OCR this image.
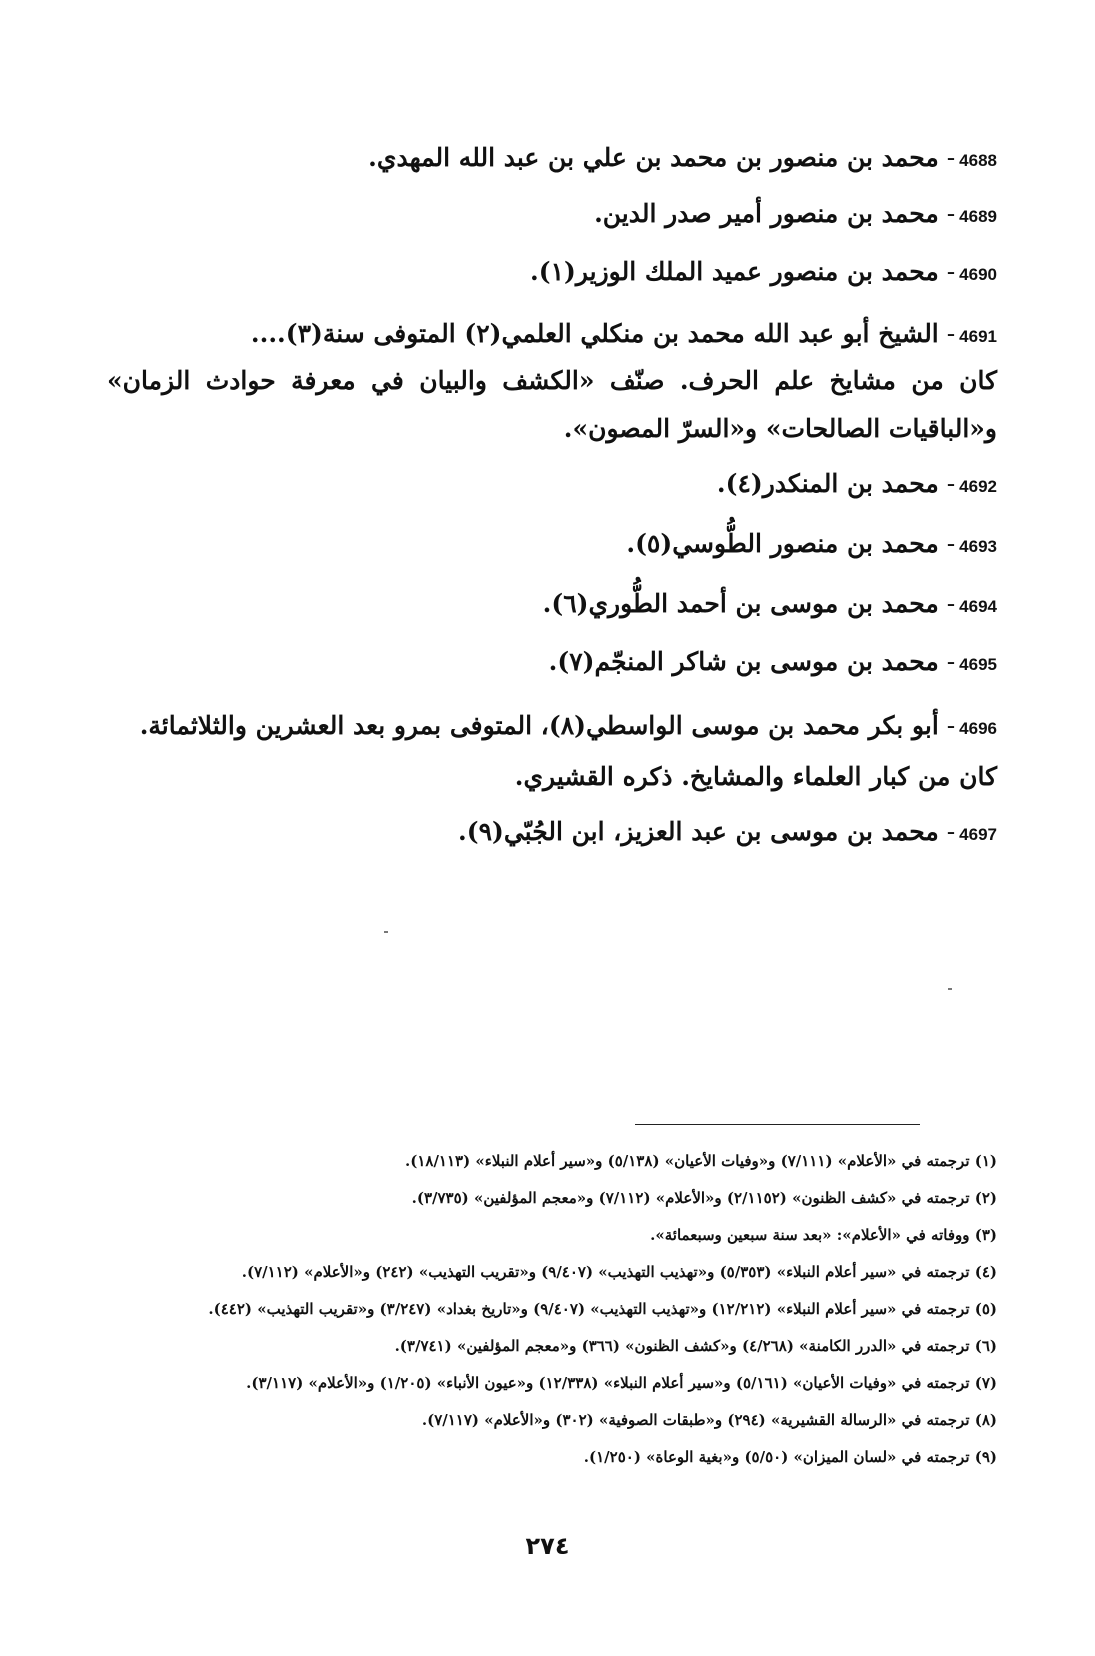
4688- محمد بن منصور بن محمد بن علي بن عبد الله المهدي.
4689- محمد بن منصور أمير صدر الدين.
4690- محمد بن منصور عميد الملك الوزير(١).
4691- الشيخ أبو عبد الله محمد بن منكلي العلمي(٢) المتوفى سنة(٣)....
كان من مشايخ علم الحرف. صنّف «الكشف والبيان في معرفة حوادث الزمان» و«الباقيات الصالحات» و«السرّ المصون».
4692- محمد بن المنكدر(٤).
4693- محمد بن منصور الطُّوسي(٥).
4694- محمد بن موسى بن أحمد الطُّوري(٦).
4695- محمد بن موسى بن شاكر المنجّم(٧).
4696- أبو بكر محمد بن موسى الواسطي(٨)، المتوفى بمرو بعد العشرين والثلاثمائة. كان من كبار العلماء والمشايخ. ذكره القشيري.
4697- محمد بن موسى بن عبد العزيز، ابن الجُبّي(٩).
(١) ترجمته في «الأعلام» (٧/١١١) و«وفيات الأعيان» (٥/١٣٨) و«سير أعلام النبلاء» (١٨/١١٣).
(٢) ترجمته في «كشف الظنون» (٢/١١٥٢) و«الأعلام» (٧/١١٢) و«معجم المؤلفين» (٣/٧٣٥).
(٣) ووفاته في «الأعلام»: «بعد سنة سبعين وسبعمائة».
(٤) ترجمته في «سير أعلام النبلاء» (٥/٣٥٣) و«تهذيب التهذيب» (٩/٤٠٧) و«تقريب التهذيب» (٢٤٢) و«الأعلام» (٧/١١٢).
(٥) ترجمته في «سير أعلام النبلاء» (١٢/٢١٢) و«تهذيب التهذيب» (٩/٤٠٧) و«تاريخ بغداد» (٣/٢٤٧) و«تقريب التهذيب» (٤٤٢).
(٦) ترجمته في «الدرر الكامنة» (٤/٢٦٨) و«كشف الظنون» (٣٦٦) و«معجم المؤلفين» (٣/٧٤١).
(٧) ترجمته في «وفيات الأعيان» (٥/١٦١) و«سير أعلام النبلاء» (١٢/٣٣٨) و«عيون الأنباء» (١/٢٠٥) و«الأعلام» (٣/١١٧).
(٨) ترجمته في «الرسالة القشيرية» (٢٩٤) و«طبقات الصوفية» (٣٠٢) و«الأعلام» (٧/١١٧).
(٩) ترجمته في «لسان الميزان» (٥/٥٠) و«بغية الوعاة» (١/٢٥٠).
٢٧٤
